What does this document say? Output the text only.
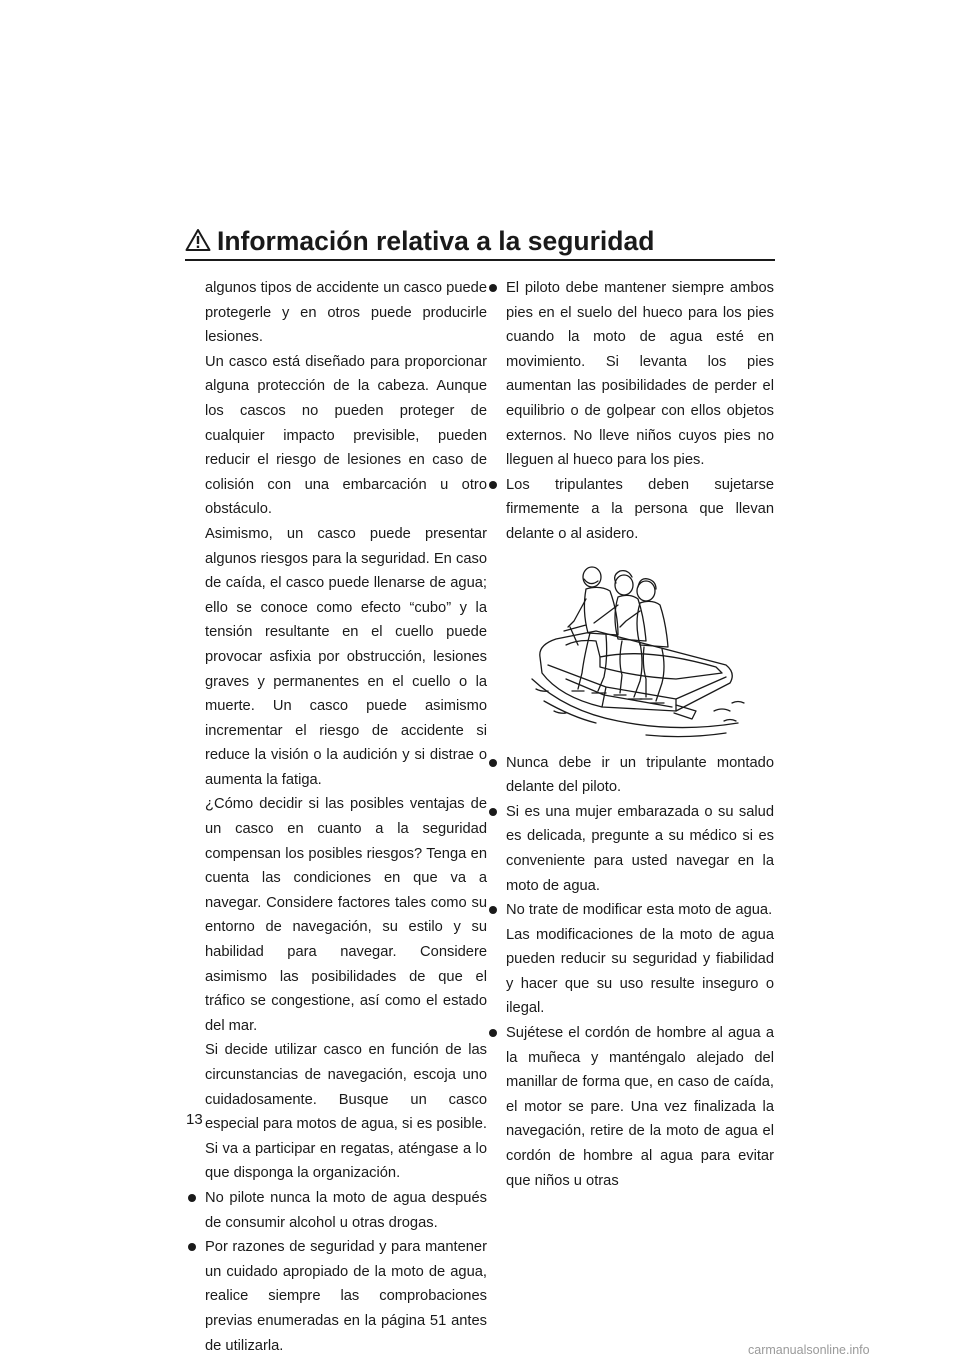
Información relativa a la seguridad

algunos tipos de accidente un casco puede protegerle y en otros puede producirle lesiones.

Un casco está diseñado para proporcionar alguna protección de la cabeza. Aunque los cascos no pueden proteger de cualquier impacto previsible, pueden reducir el riesgo de lesiones en caso de colisión con una embarcación u otro obstáculo.

Asimismo, un casco puede presentar algunos riesgos para la seguridad. En caso de caída, el casco puede llenarse de agua; ello se conoce como efecto “cubo” y la tensión resultante en el cuello puede provocar asfixia por obstrucción, lesiones graves y permanentes en el cuello o la muerte. Un casco puede asimismo incrementar el riesgo de accidente si reduce la visión o la audición y si distrae o aumenta la fatiga.

¿Cómo decidir si las posibles ventajas de un casco en cuanto a la seguridad compensan los posibles riesgos? Tenga en cuenta las condiciones en que va a navegar. Considere factores tales como su entorno de navegación, su estilo y su habilidad para navegar. Considere asimismo las posibilidades de que el tráfico se congestione, así como el estado del mar.

Si decide utilizar casco en función de las circunstancias de navegación, escoja uno cuidadosamente. Busque un casco especial para motos de agua, si es posible. Si va a participar en regatas, aténgase a lo que disponga la organización.

No pilote nunca la moto de agua después de consumir alcohol u otras drogas.
Por razones de seguridad y para mantener un cuidado apropiado de la moto de agua, realice siempre las comprobaciones previas enumeradas en la página 51 antes de utilizarla.
El piloto debe mantener siempre ambos pies en el suelo del hueco para los pies cuando la moto de agua esté en movimiento. Si levanta los pies aumentan las posibilidades de perder el equilibrio o de golpear con ellos objetos externos. No lleve niños cuyos pies no lleguen al hueco para los pies.
Los tripulantes deben sujetarse firmemente a la persona que llevan delante o al asidero.
Nunca debe ir un tripulante montado delante del piloto.
Si es una mujer embarazada o su salud es delicada, pregunte a su médico si es conveniente para usted navegar en la moto de agua.
No trate de modificar esta moto de agua.

Las modificaciones de la moto de agua pueden reducir su seguridad y fiabilidad y hacer que su uso resulte inseguro o ilegal.

Sujétese el cordón de hombre al agua a la muñeca y manténgalo alejado del manillar de forma que, en caso de caída, el motor se pare. Una vez finalizada la navegación, retire de la moto de agua el cordón de hombre al agua para evitar que niños u otras
13
carmanualsonline.info
